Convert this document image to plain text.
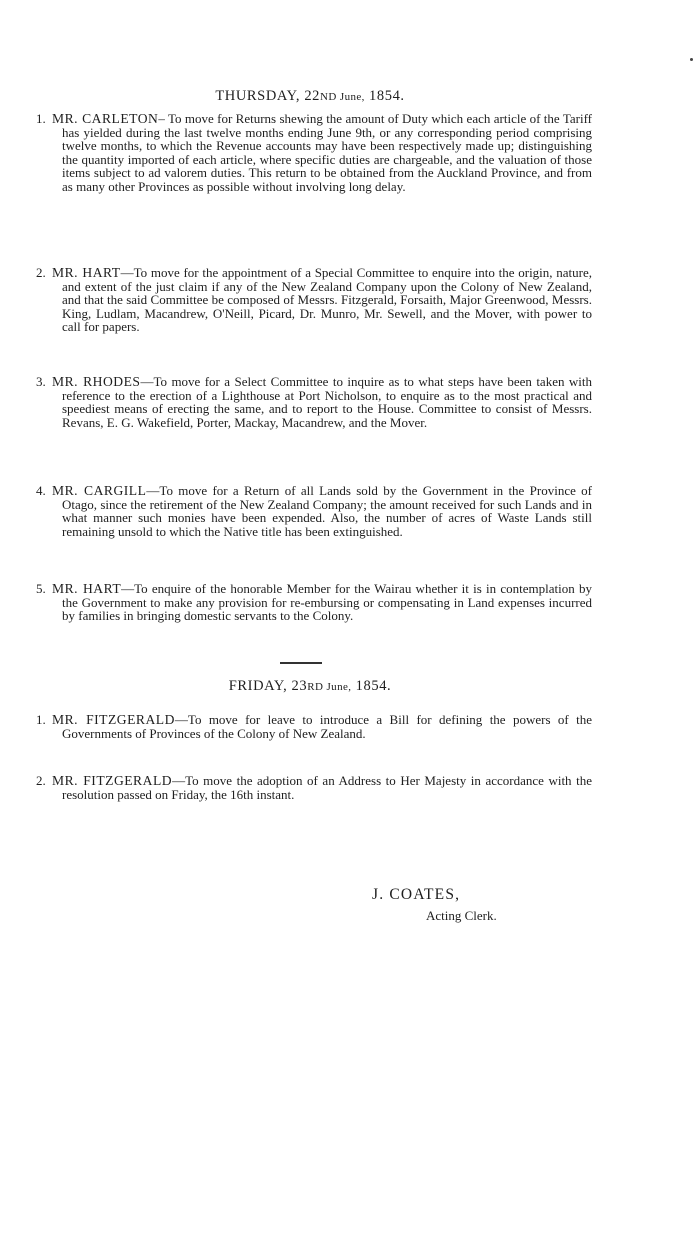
THURSDAY, 22ND June, 1854.
1. MR. CARLETON– To move for Returns shewing the amount of Duty which each article of the Tariff has yielded during the last twelve months ending June 9th, or any corresponding period comprising twelve months, to which the Revenue accounts may have been respectively made up; distinguishing the quantity imported of each article, where specific duties are chargeable, and the valuation of those items subject to ad valorem duties. This return to be obtained from the Auckland Province, and from as many other Provinces as possible without involving long delay.
2. MR. HART—To move for the appointment of a Special Committee to enquire into the origin, nature, and extent of the just claim if any of the New Zealand Company upon the Colony of New Zealand, and that the said Committee be composed of Messrs. Fitzgerald, Forsaith, Major Greenwood, Messrs. King, Ludlam, Macandrew, O'Neill, Picard, Dr. Munro, Mr. Sewell, and the Mover, with power to call for papers.
3. MR. RHODES—To move for a Select Committee to inquire as to what steps have been taken with reference to the erection of a Lighthouse at Port Nicholson, to enquire as to the most practical and speediest means of erecting the same, and to report to the House. Committee to consist of Messrs. Revans, E. G. Wakefield, Porter, Mackay, Macandrew, and the Mover.
4. MR. CARGILL—To move for a Return of all Lands sold by the Government in the Province of Otago, since the retirement of the New Zealand Company; the amount received for such Lands and in what manner such monies have been expended. Also, the number of acres of Waste Lands still remaining unsold to which the Native title has been extinguished.
5. MR. HART—To enquire of the honorable Member for the Wairau whether it is in contemplation by the Government to make any provision for re-embursing or compensating in Land expenses incurred by families in bringing domestic servants to the Colony.
FRIDAY, 23RD June, 1854.
1. MR. FITZGERALD—To move for leave to introduce a Bill for defining the powers of the Governments of Provinces of the Colony of New Zealand.
2. MR. FITZGERALD—To move the adoption of an Address to Her Majesty in accordance with the resolution passed on Friday, the 16th instant.
J. COATES,
Acting Clerk.
